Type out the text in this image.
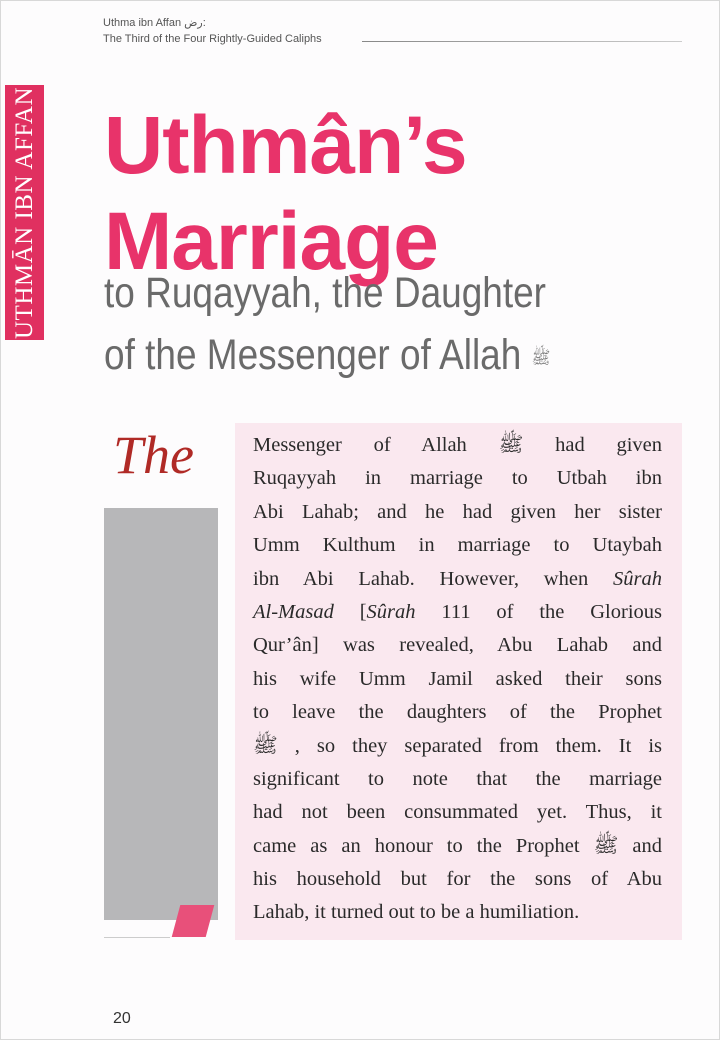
Uthma ibn Affan رض:
The Third of the Four Rightly-Guided Caliphs
UTHMĀN IBN AFFAN Uthmân’s
Marriage
to Ruqayyah, the Daughter
of the Messenger of Allah ﷺ
The	Messenger of Allah ﷺ had given
Ruqayyah in marriage to Utbah ibn
Abi Lahab; and he had given her sister
Umm Kulthum in marriage to Utaybah
ibn Abi Lahab. However, when Sûrah
Al-Masad [Sûrah 111 of the Glorious
Qur’ân] was revealed, Abu Lahab and
his wife Umm Jamil asked their sons
to leave the daughters of the Prophet
ﷺ , so they separated from them. It is
significant to note that the marriage
had not been consummated yet. Thus, it
came as an honour to the Prophet ﷺ and
his household but for the sons of Abu
Lahab, it turned out to be a humiliation.
20
